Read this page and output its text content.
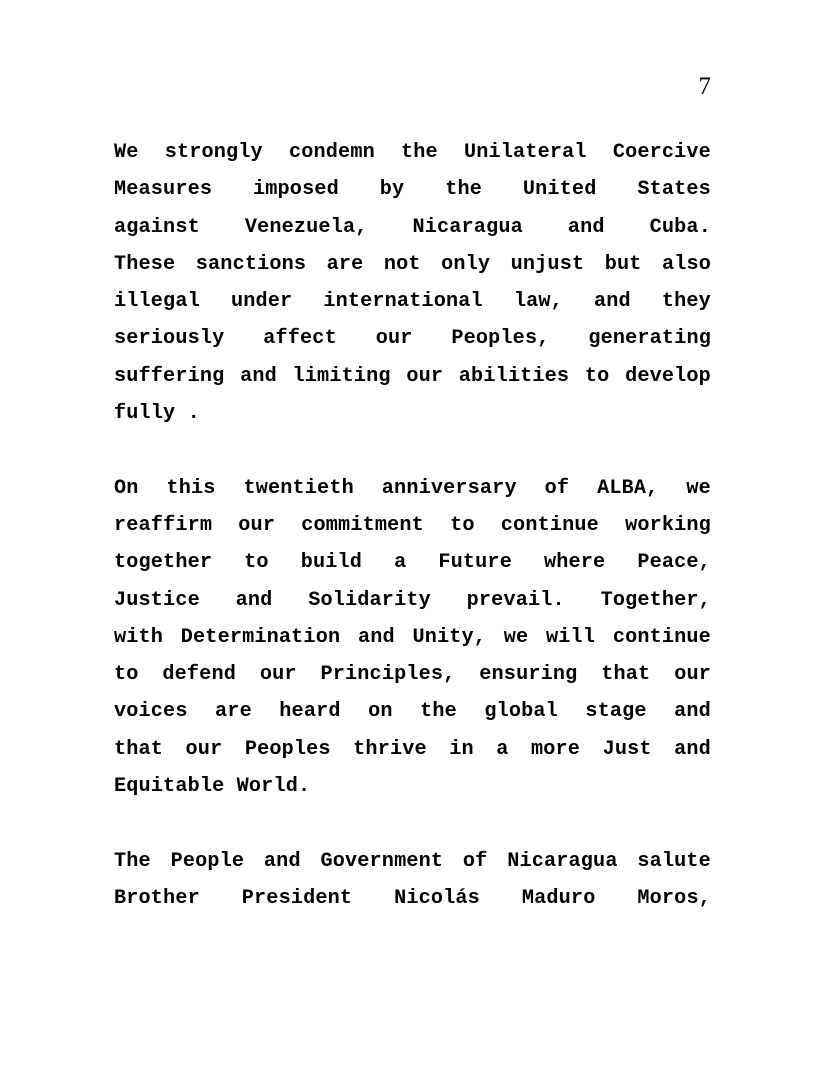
7
We strongly condemn the Unilateral Coercive
Measures imposed by the United States
against Venezuela, Nicaragua and Cuba.
These sanctions are not only unjust but also
illegal under international law, and they
seriously affect our Peoples, generating
suffering and limiting our abilities to develop
fully .
On this twentieth anniversary of ALBA, we
reaffirm our commitment to continue working
together to build a Future where Peace,
Justice and Solidarity prevail. Together,
with Determination and Unity, we will continue
to defend our Principles, ensuring that our
voices are heard on the global stage and
that our Peoples thrive in a more Just and
Equitable World.
The People and Government of Nicaragua salute
Brother President Nicolás Maduro Moros,
